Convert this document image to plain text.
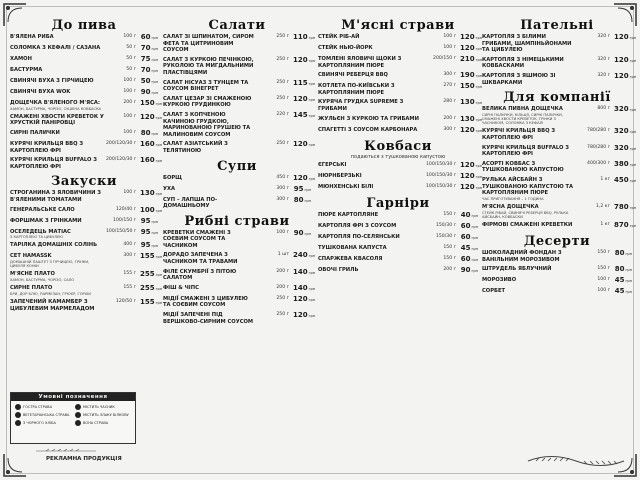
До пива
В'ЯЛЕНА РИБА	100 г 60грн
СОЛОМКА З КЕФАЛІ / САЗАНА	50 г 70грн
ХАМОН	50 г 75грн
БАСТУРМА	50 г 70грн
СВИНЯЧІ ВУХА З ГІРЧИЦЕЮ	100 г 50грн
СВИНЯЧІ ВУХА WOK	100 г 90грн
ДОЩЕЧКА В'ЯЛЕНОГО М'ЯСА:
ХАМОН, БАСТУРМА, ЧОРІЗО, СУШЕНА КОВБАСКА
200 г 150грн
СМАЖЕНІ ХВОСТИ КРЕВЕТОК У ХРУСТКІЙ ПАНІРОВЦІ
100 г 120грн
СИРНІ ПАЛИЧКИ	100 г 80грн
КУРЯЧІ КРИЛЬЦЯ BBQ З КАРТОПЛЕЮ ФРІ
200/120/30 г 160грн
КУРЯЧІ КРИЛЬЦЯ BUFFALO З КАРТОПЛЕЮ ФРІ
200/120/30 г 160грн
Закуски
СТРОГАНИНА З ЯЛОВИЧИНИ З В'ЯЛЕНИМИ ТОМАТАМИ
100 г 130грн
ГЕНЕРАЛЬСЬКЕ САЛО	120/40 г 100грн
ФОРШМАК З ГРІНКАМИ	100/150 г 95грн
ОСЕЛЕДЕЦЬ МАТІАС
З КАРТОПЛЕЮ ТА ЦИБУЛЕЮ
100/150/50 г 95грн
ТАРІЛКА ДОМАШНІХ СОЛІНЬ	400 г 95грн
СЕТ HAMASSK
ДОМАШНІЙ ПАШТЕТ З ГІРЧИЦЕЮ, ГРІНКИ, ЦИБУЛЯ КОНФІ
300 г 155грн
М'ЯСНЕ ПЛАТО
ХАМОН, БАСТУРМА, ЧОРІЗО, САЛО
155 г 255грн
СИРНЕ ПЛАТО
БРИ, ДОР БЛЮ, ПАРМЕЗАН, ГРЮЄР, ГОРІХИ
155 г 255грн
ЗАПЕЧЕНИЙ КАМАМБЕР З ЦИБУЛЕВИМ МАРМЕЛАДОМ
120/50 г 155грн
Салати
САЛАТ ЗІ ШПИНАТОМ, СИРОМ ФЕТА ТА ЦИТРИНОВИМ СОУСОМ
250 г 110грн
САЛАТ З КУРКОЮ ПЕЧІНКОЮ, РУКОЛОЮ ТА МИГДАЛЬНИМИ ПЛАСТІВЦЯМИ
250 г 120грн
САЛАТ НІСУАЗ З ТУНЦЕМ ТА СОУСОМ ВІНЕГРЕТ
250 г 115грн
САЛАТ ЦЕЗАР ЗІ СМАЖЕНОЮ КУРКОЮ ГРУДИНКОЮ
250 г 120грн
САЛАТ З КОПЧЕНОЮ КАЧИНОЮ ГРУДКОЮ, МАРИНОВАНОЮ ГРУШЕЮ ТА МАЛИНОВИМ СОУСОМ
220 г 145грн
САЛАТ АЗІАТСЬКИЙ З ТЕЛЯТИНОЮ
250 г 120грн
Супи
БОРЩ	450 г 120грн
УХА	300 г 95грн
СУП – ЛАПША ПО-ДОМАШНЬОМУ
300 г 80грн
Рибні страви
КРЕВЕТКИ СМАЖЕНІ З СОЄВИМ СОУСОМ ТА ЧАСНИКОМ
100 г 90грн
ДОРАДО ЗАПЕЧЕНА З ЧАСНИКОМ ТА ТРАВАМИ
1 шт 240грн
ФІЛЕ СКУМБРІЇ З ПІТОЮ САЛАТОМ
200 г 140грн
ФІШ & ЧІПС	200 г 140грн
МІДІЇ СМАЖЕНІ З ЦИБУЛЕЮ ТА СОЄВИМ СОУСОМ
250 г 120грн
МІДІЇ ЗАПЕЧЕНІ ПІД ВЕРШКОВО-СИРНИМ СОУСОМ
250 г 120грн
М'ясні страви
СТЕЙК РІБ-АЙ	100 г 120грн
СТЕЙК НЬЮ-ЙОРК	100 г 120грн
ТОМЛЕНІ ЯЛОВИЧІ ЩОКИ З КАРТОПЛЯНИМ ПЮРЕ
200/150 г 210грн
СВИНЯЧІ РЕБЕРЦЯ BBQ	300 г 190грн
КОТЛЕТА ПО-КИЇВСЬКИ З КАРТОПЛЯНИМ ПЮРЕ
270 г 150грн
КУРЯЧА ГРУДКА SUPREME З ГРИБАМИ
280 г 130грн
ЖУЛЬЄН З КУРКОЮ ТА ГРИБАМИ	200 г 130грн
СПАГЕТТІ З СОУСОМ КАРБОНАРА	300 г 120грн
Ковбаси
подаються з тушкованою капустою
ЄГЕРСЬКІ	100/150/30 г 120грн
НЮРНБЕРЗЬКІ	100/150/30 г 120грн
МЮНХЕНСЬКІ БІЛІ	100/150/30 г 120грн
Гарніри
ПЮРЕ КАРТОПЛЯНЕ	150 г 40грн
КАРТОПЛЯ ФРІ З СОУСОМ	150/30 г 60грн
КАРТОПЛЯ ПО-СЕЛЯНСЬКИ	150/30 г 60грн
ТУШКОВАНА КАПУСТА	150 г 45грн
СПАРЖЕВА КВАСОЛЯ	150 г 60грн
ОВОЧІ ГРИЛЬ	200 г 90грн
Пательні
КАРТОПЛЯ З БІЛИМИ ГРИБАМИ, ШАМПІНЬЙОНАМИ ТА ЦИБУЛЕЮ
320 г 120грн
КАРТОПЛЯ З НІМЕЦЬКИМИ КОВБАСКАМИ
320 г 120грн
КАРТОПЛЯ З ЯШМОЮ ЗІ ШКВАРКАМИ
320 г 120грн
Для компанії
ВЕЛИКА ПИВНА ДОЩЕЧКА
СИРНІ ПАЛИЧКИ, КІЛЬЦЯ, СИРНІ ПАЛИЧКИ, СМАЖЕНІ ХВОСТИ КРЕВЕТОК, ГРІНКИ З ЧАСНИКОМ, СОЛОМКА З КЕФАЛІ
800 г 320грн
КУРЯЧІ КРИЛЬЦЯ BBQ З КАРТОПЛЕЮ ФРІ
780/280 г 320грн
КУРЯЧІ КРИЛЬЦЯ BUFFALO З КАРТОПЛЕЮ ФРІ
780/280 г 320грн
АСОРТІ КОВБАС З ТУШКОВАНОЮ КАПУСТОЮ
400/300 г 380грн
РУЛЬКА АЙСБАЙН З ТУШКОВАНОЮ КАПУСТОЮ ТА КАРТОПЛЯНИМ ПЮРЕ
ЧАС ПРИГОТУВАННЯ – 1 ГОДИНА
1 кг 450грн
М'ЯСНА ДОЩЕЧКА
СТЕЙК РІБАЙ, СВИНЯЧІ РЕБЕРЦЯ BBQ, РУЛЬКА АЙСБАЙН, КОВБАСКИ
1,2 кг 780грн
ФІРМОВІ СМАЖЕНІ КРЕВЕТКИ	1 кг 870грн
Десерти
ШОКОЛАДНИЙ ФОНДАН З ВАНІЛЬНИМ МОРОЗИВОМ
150 г 80грн
ШТРУДЕЛЬ ЯБЛУЧНИЙ	150 г 80грн
МОРОЗИВО	100 г 45грн
СОРБЕТ	100 г 45грн
Умовні позначення
ГОСТРА СТРАВА	МІСТИТЬ ЧАСНИК
ВЕГЕТАРІАНСЬКА СТРАВА	МІСТИТЬ ЗЛАКУ БІЛКОВУ
З ЧОРНОГО ХЛІБА	ВОНА СТРАВА
РЕКЛАМНА ПРОДУКЦІЯ
